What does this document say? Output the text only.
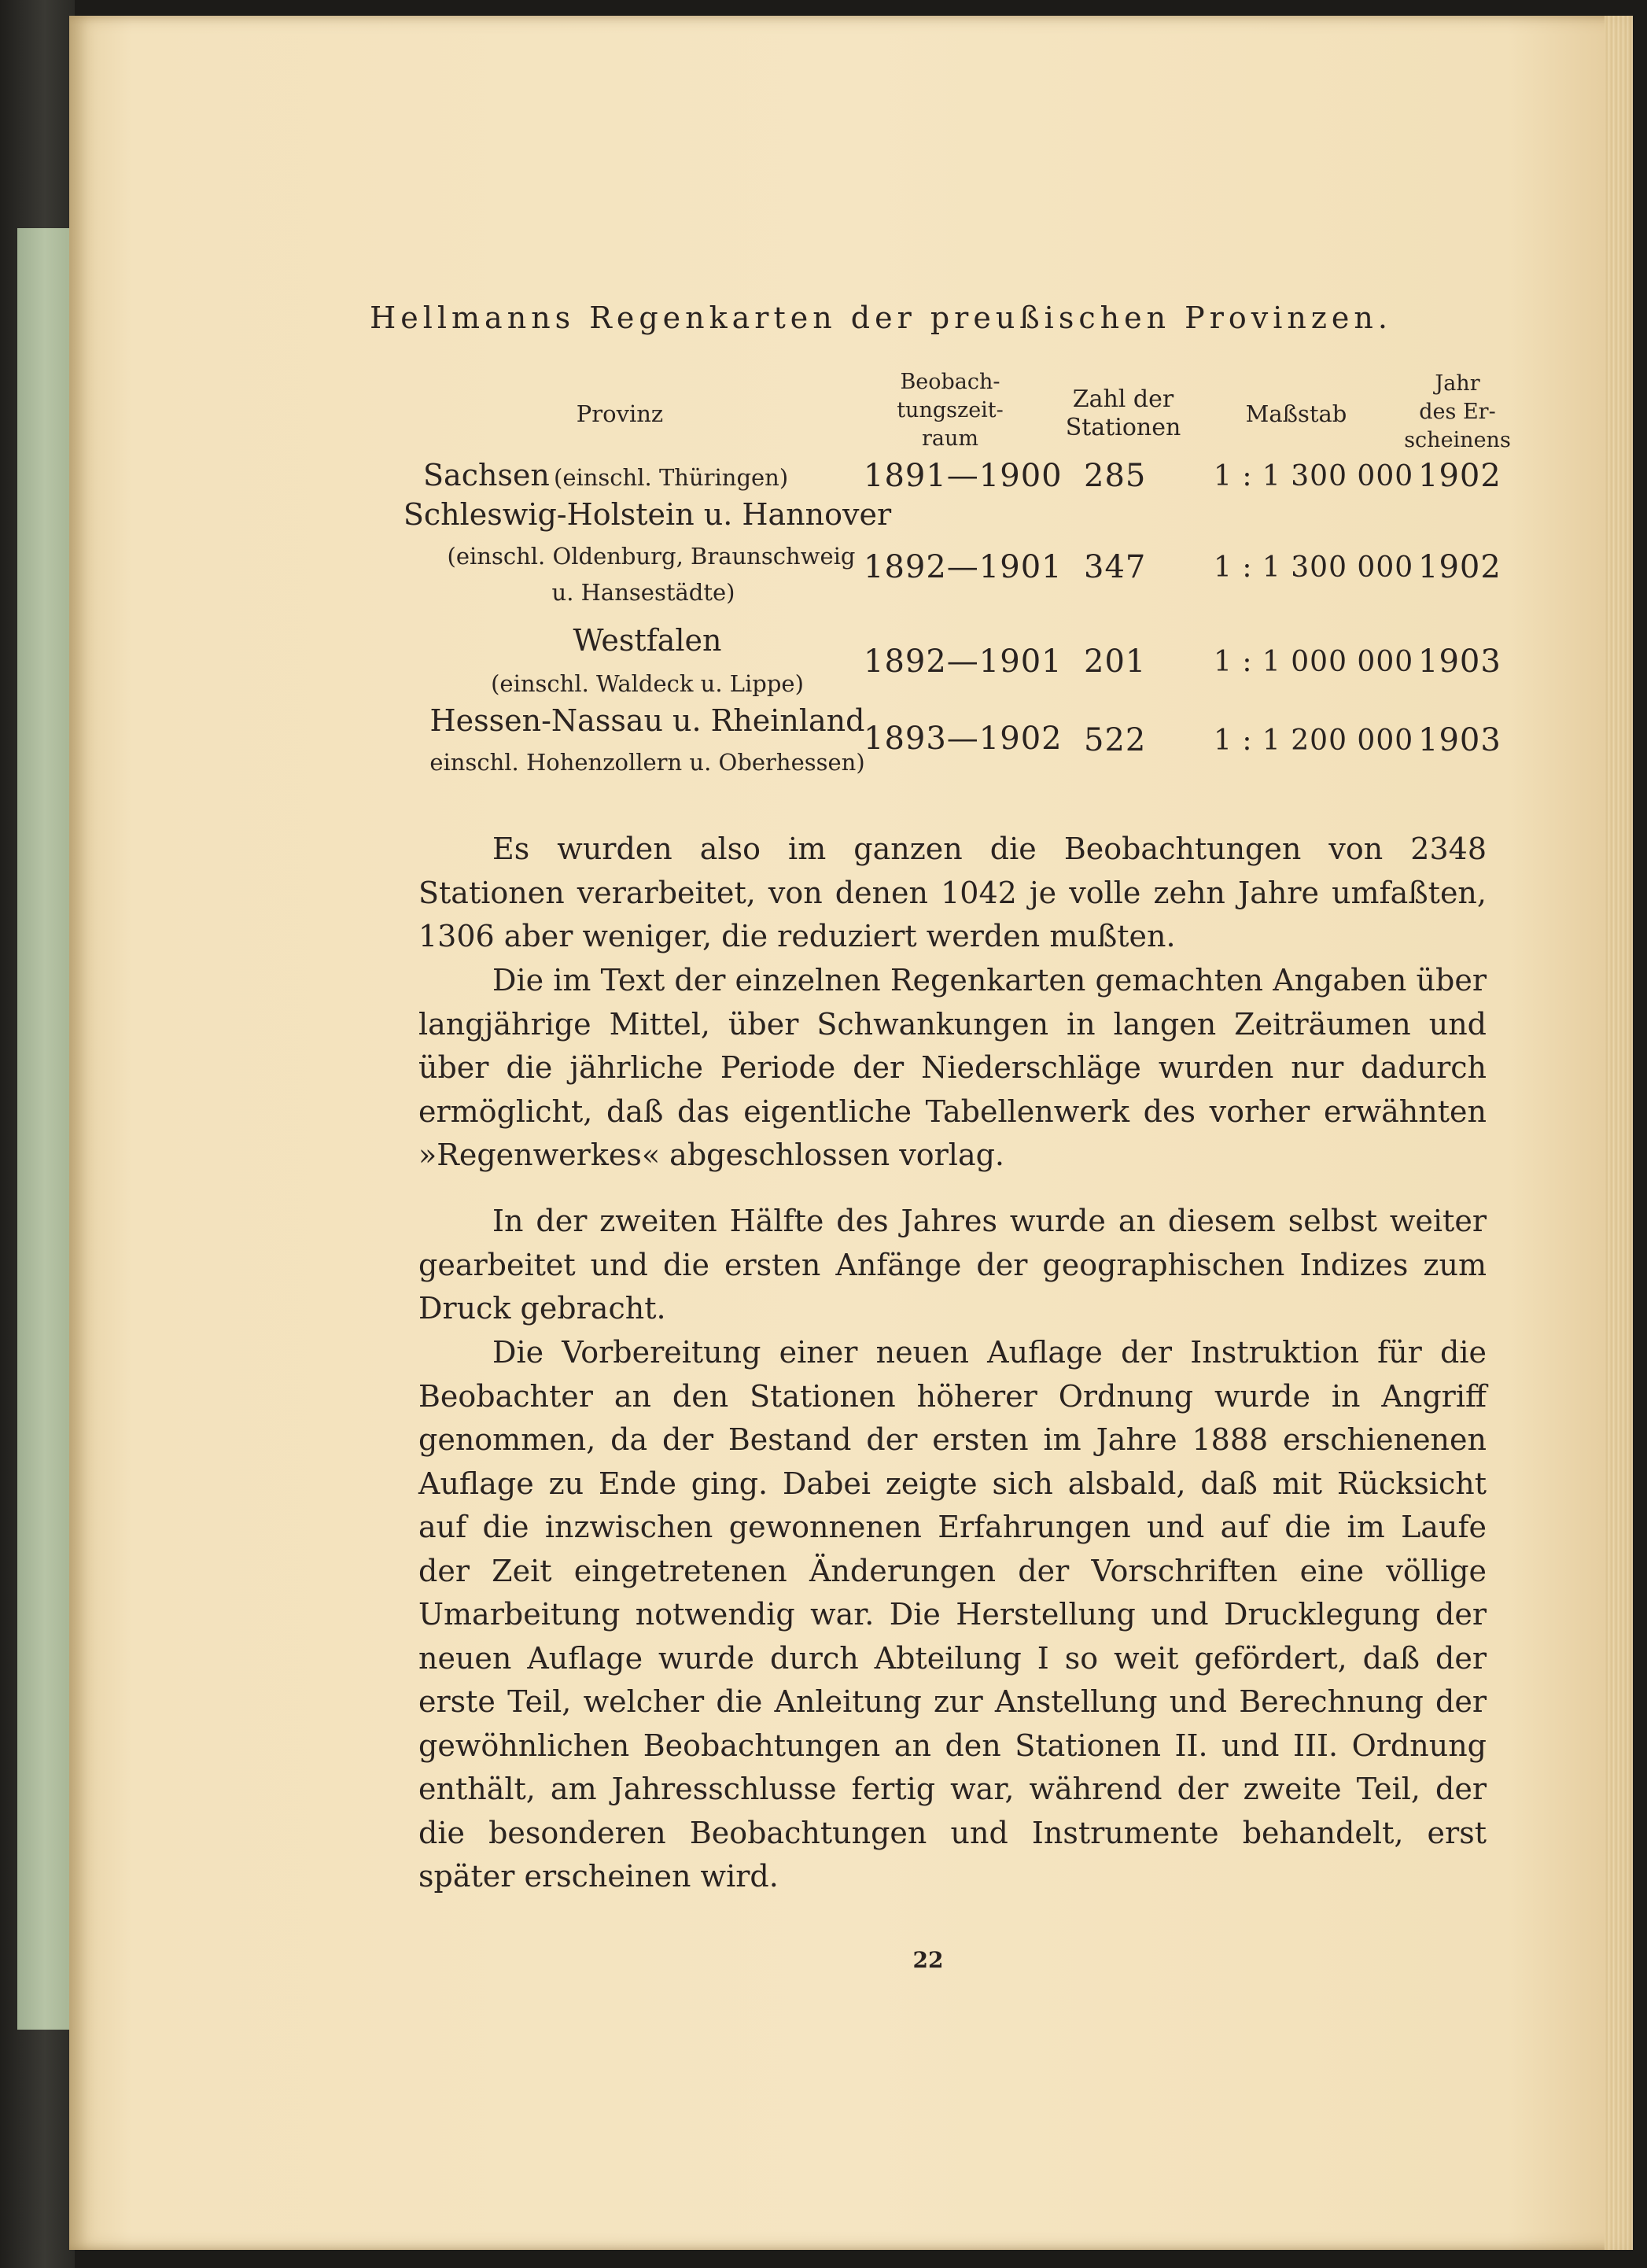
Hellmanns Regenkarten der preußischen Provinzen.
Provinz
Beobach-
tungszeit-
raum
Zahl der
Stationen	Maßstab
Jahr
des Er-
scheinens
Sachsen (einschl. Thüringen) 1891—1900 285 1 : 1 300 000 1902
Schleswig-Holstein u. Hannover
(einschl. Oldenburg, Braunschweig
u. Hansestädte)
1892—1901 347 1 : 1 300 000 1902
Westfalen
(einschl. Waldeck u. Lippe)
1892—1901 201 1 : 1 000 000 1903
Hessen-Nassau u. Rheinland
einschl. Hohenzollern u. Oberhessen)
1893—1902 522 1 : 1 200 000 1903

Es wurden also im ganzen die Beobachtungen von 2348 Stationen verarbeitet, von denen 1042 je volle zehn Jahre umfaßten, 1306 aber weniger, die reduziert werden mußten.

Die im Text der einzelnen Regenkarten gemachten Angaben über langjährige Mittel, über Schwankungen in langen Zeiträumen und über die jährliche Periode der Niederschläge wurden nur dadurch ermöglicht, daß das eigentliche Tabellenwerk des vorher erwähnten »Regenwerkes« abgeschlossen vorlag.

In der zweiten Hälfte des Jahres wurde an diesem selbst weiter gearbeitet und die ersten Anfänge der geographischen Indizes zum Druck gebracht.

Die Vorbereitung einer neuen Auflage der Instruktion für die Beobachter an den Stationen höherer Ordnung wurde in Angriff genommen, da der Bestand der ersten im Jahre 1888 erschienenen Auflage zu Ende ging. Dabei zeigte sich alsbald, daß mit Rücksicht auf die inzwischen gewonnenen Erfahrungen und auf die im Laufe der Zeit eingetretenen Änderungen der Vorschriften eine völlige Umarbeitung notwendig war. Die Herstellung und Drucklegung der neuen Auflage wurde durch Abteilung I so weit gefördert, daß der erste Teil, welcher die Anleitung zur Anstellung und Berechnung der gewöhnlichen Beobachtungen an den Stationen II. und III. Ordnung enthält, am Jahresschlusse fertig war, während der zweite Teil, der die besonderen Beobachtungen und Instrumente behandelt, erst später erscheinen wird.

22
